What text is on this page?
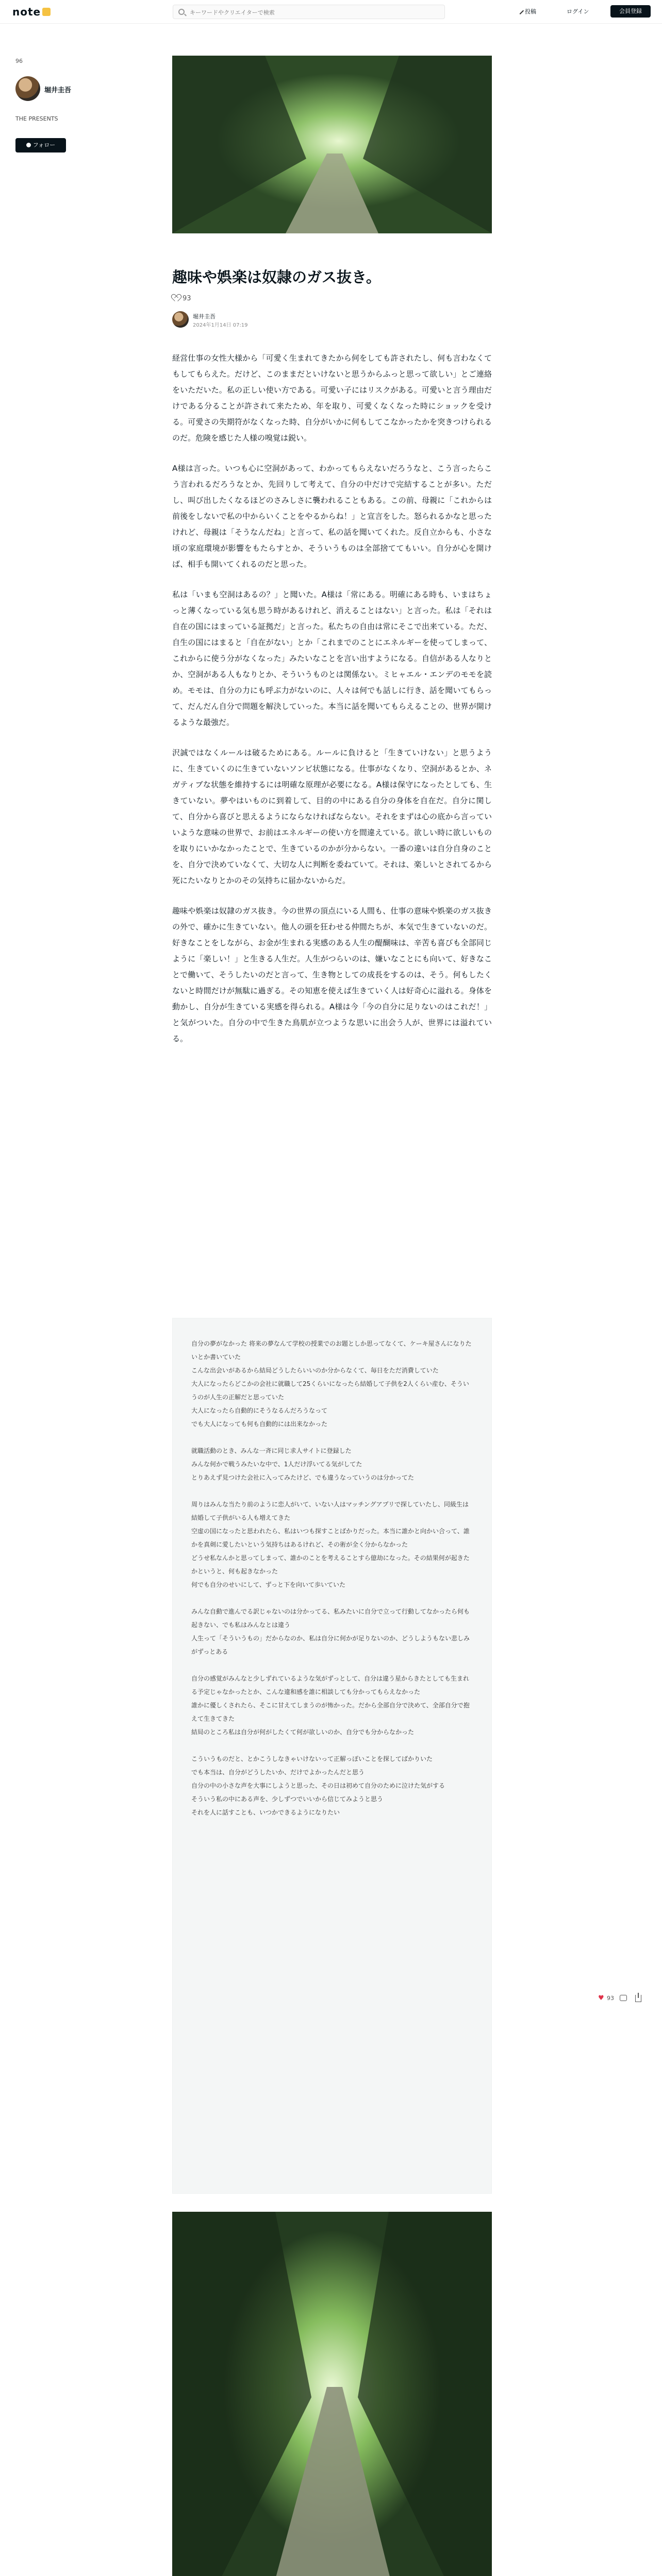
note
キーワードやクリエイターで検索	投稿	ログイン	会員登録
96
堀井圭吾
THE PRESENTS
フォロー
趣味や娯楽は奴隷のガス抜き。
93
堀井圭吾
2024年1月14日 07:19

経営仕事の女性大様から「可愛く生まれてきたから何をしても許されたし、何も言わなくてもしてもらえた。だけど、このままだといけないと思うからふっと思って欲しい」とご連絡をいただいた。私の正しい使い方である。可愛い子にはリスクがある。可愛いと言う理由だけである分ることが許されて来たため、年を取り、可愛くなくなった時にショックを受ける。可愛さの失期符がなくなった時、自分がいかに何もしてこなかったかを突きつけられるのだ。危険を感じた人様の嗅覚は鋭い。

A様は言った。いつも心に空洞があって、わかってもらえないだろうなと、こう言ったらこう言われるだろうなとか、先回りして考えて、自分の中だけで完結することが多い。ただし、叫び出したくなるほどのさみしさに襲われることもある。この前、母親に「これからは前後をしないで私の中からいくことをやるからね！」と宣言をした。怒られるかなと思ったけれど、母親は「そうなんだね」と言って、私の話を聞いてくれた。反自立からも、小さな頃の家庭環境が影響をもたらすとか、そういうものは全部捨ててもいい。自分が心を開けば、相手も開いてくれるのだと思った。

私は「いまも空洞はあるの？」と聞いた。A様は「常にある。明確にある時も、いまはちょっと薄くなっている気も思う時があるけれど、消えることはない」と言った。私は「それは自在の国にはまっている証拠だ」と言った。私たちの自由は常にそこで出来ている。ただ、自生の国にはまると「自在がない」とか「これまでのことにエネルギーを使ってしまって、これからに使う分がなくなった」みたいなことを言い出すようになる。自信がある人なりとか、空洞がある人もなりとか、そういうものとは関係ない。ミヒャエル・エンデのモモを読め。モモは、自分の力にも呼ぶ力がないのに、人々は何でも話しに行き、話を聞いてもらって、だんだん自分で問題を解決していった。本当に話を聞いてもらえることの、世界が開けるような最強だ。

沢誠ではなくルールは破るためにある。ルールに負けると「生きていけない」と思うように、生きていくのに生きていないソンビ状態になる。仕事がなくなり、空洞があるとか、ネガティブな状態を維持するには明確な原理が必要になる。A様は保守になったとしても、生きていない。夢やはいものに到着して、目的の中にある自分の身体を自在だ。自分に関して、自分から喜びと思えるようにならなければならない。それをまずは心の底から言っていいような意味の世界で、お前はエネルギーの使い方を間違えている。欲しい時に欲しいものを取りにいかなかったことで、生きているのかが分からない。一番の違いは自分自身のことを、自分で決めていなくて、大切な人に判断を委ねていて。それは、楽しいとされてるから死にたいなりとかのその気持ちに届かないからだ。

趣味や娯楽は奴隷のガス抜き。今の世界の頂点にいる人間も、仕事の意味や娯楽のガス抜きの外で、確かに生きていない。他人の頭を狂わせる仲間たちが、本気で生きていないのだ。好きなことをしながら、お金が生まれる実感のある人生の醍醐味は、辛苦も喜びも全部同じように「楽しい！」と生きる人生だ。人生がつらいのは、嫌いなことにも向いて、好きなことで働いて、そうしたいのだと言って、生き物としての成長をするのは、そう。何もしたくないと時間だけが無駄に過ぎる。その知恵を使えば生きていく人は好奇心に溢れる。身体を動かし、自分が生きている実感を得られる。A様は今「今の自分に足りないのはこれだ！」と気がついた。自分の中で生きた鳥肌が立つような思いに出会う人が、世界には溢れている。

自分の夢がなかった 将来の夢なんて学校の授業でのお題としか思ってなくて、ケーキ屋さんになりたいとか書いていた
こんな出会いがあるから結局どうしたらいいのか分からなくて、毎日をただ消費していた
大人になったらどこかの会社に就職して25くらいになったら結婚して子供を2人くらい産む、そういうのが人生の正解だと思っていた
大人になったら自動的にそうなるんだろうなって
でも大人になっても何も自動的には出来なかった

就職活動のとき、みんな一斉に同じ求人サイトに登録した
みんな何かで戦うみたいな中で、1人だけ浮いてる気がしてた
とりあえず見つけた会社に入ってみたけど、でも違うなっていうのは分かってた

周りはみんな当たり前のように恋人がいて、いない人はマッチングアプリで探していたし、同級生は結婚して子供がいる人も増えてきた
空虚の国になったと思われたら、私はいつも探すことばかりだった。本当に誰かと向かい合って、誰かを真剣に愛したいという気持ちはあるけれど、その術が全く分からなかった
どうせ私なんかと思ってしまって、誰かのことを考えることすら億劫になった。その結果何が起きたかというと、何も起きなかった
何でも自分のせいにして、ずっと下を向いて歩いていた

みんな自動で進んでる訳じゃないのは分かってる、私みたいに自分で立って行動してなかったら何も起きない、でも私はみんなとは違う
人生って「そういうもの」だからなのか、私は自分に何かが足りないのか、どうしようもない悲しみがずっとある

自分の感覚がみんなと少しずれているような気がずっとして、自分は違う星からきたとしても生まれる予定じゃなかったとか、こんな違和感を誰に相談しても分かってもらえなかった
誰かに優しくされたら、そこに甘えてしまうのが怖かった。だから全部自分で決めて、全部自分で抱えて生きてきた
結局のところ私は自分が何がしたくて何が欲しいのか、自分でも分からなかった

こういうものだと、とかこうしなきゃいけないって正解っぽいことを探してばかりいた
でも本当は、自分がどうしたいか、だけでよかったんだと思う
自分の中の小さな声を大事にしようと思った、その日は初めて自分のために泣けた気がする
そういう私の中にある声を、少しずつでいいから信じてみようと思う
それを人に話すことも、いつかできるようになりたい

♥ 93
